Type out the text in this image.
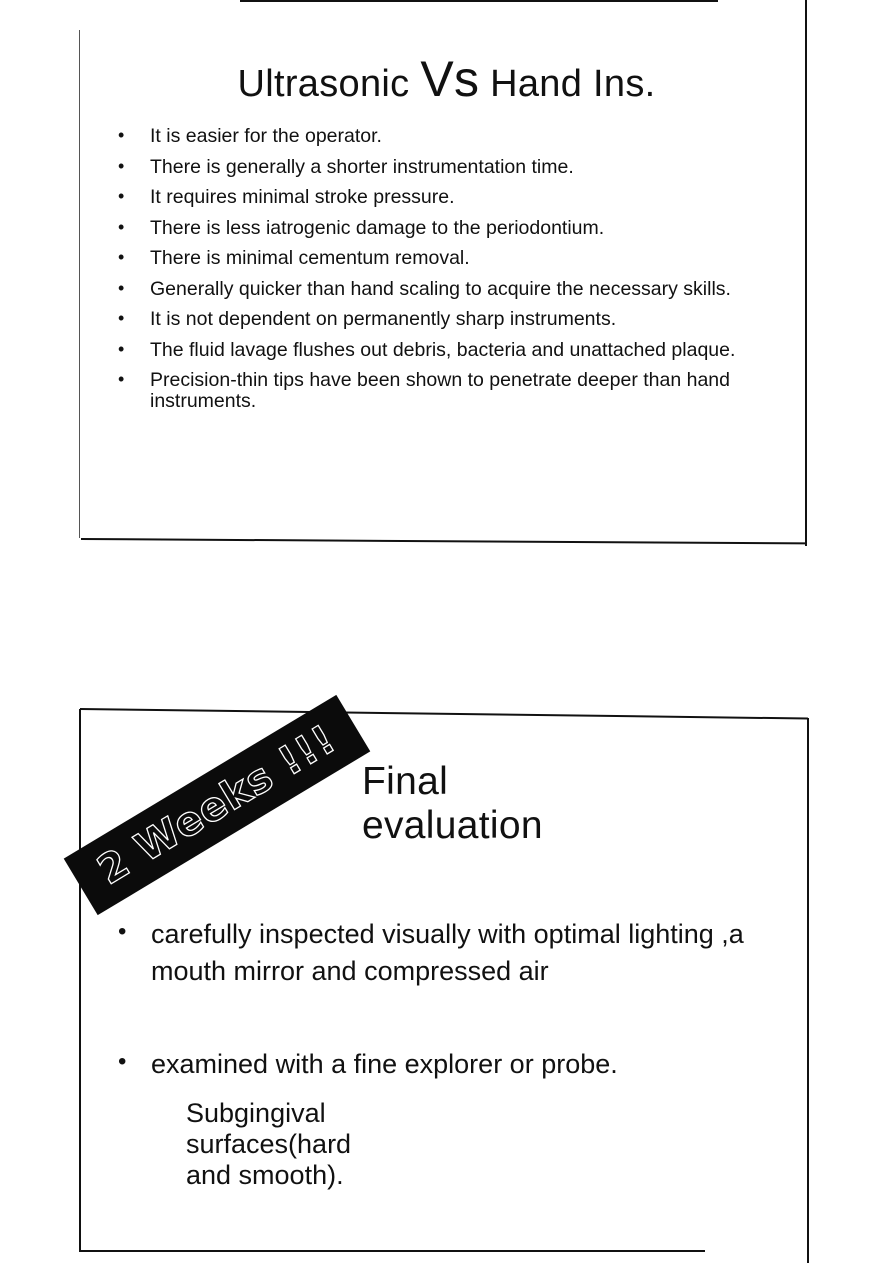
Ultrasonic Vs Hand Ins.
• It is easier for the operator.
• There is generally a shorter instrumentation time.
• It requires minimal stroke pressure.
• There is less iatrogenic damage to the periodontium.
• There is minimal cementum removal.
• Generally quicker than hand scaling to acquire the necessary skills.
• It is not dependent on permanently sharp instruments.
• The fluid lavage flushes out debris, bacteria and unattached plaque.
• Precision-thin tips have been shown to penetrate deeper than hand instruments.
2 Weeks !!! Final evaluation
• carefully inspected visually with optimal lighting ,a mouth mirror and compressed air
• examined with a fine explorer or probe.
Subgingival surfaces(hard and smooth).
